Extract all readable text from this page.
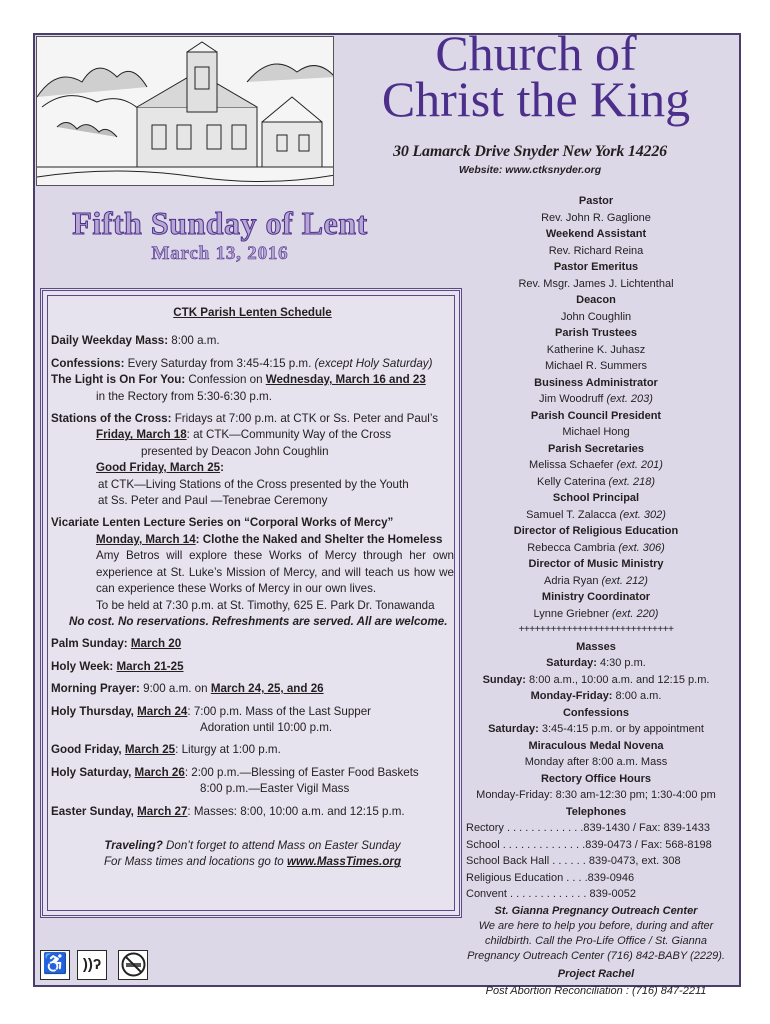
Church of
Christ the King
30 Lamarck Drive Snyder New York 14226
Website: www.ctksnyder.org
Fifth Sunday of Lent
March 13, 2016

CTK Parish Lenten Schedule

Daily Weekday Mass: 8:00 a.m.

Confessions: Every Saturday from 3:45-4:15 p.m. (except Holy Saturday)

The Light is On For You: Confession on Wednesday, March 16 and 23

in the Rectory from 5:30-6:30 p.m.

Stations of the Cross: Fridays at 7:00 p.m. at CTK or Ss. Peter and Paul’s

Friday, March 18: at CTK—Community Way of the Cross

presented by Deacon John Coughlin

Good Friday, March 25:

at CTK—Living Stations of the Cross presented by the Youth

at Ss. Peter and Paul —Tenebrae Ceremony

Vicariate Lenten Lecture Series on “Corporal Works of Mercy”

Monday, March 14: Clothe the Naked and Shelter the Homeless

Amy Betros will explore these Works of Mercy through her own experience at St. Luke’s Mission of Mercy, and will teach us how we can experience these Works of Mercy in our own lives.

To be held at 7:30 p.m. at St. Timothy, 625 E. Park Dr. Tonawanda

No cost. No reservations. Refreshments are served. All are welcome.

Palm Sunday: March 20

Holy Week: March 21-25

Morning Prayer: 9:00 a.m. on March 24, 25, and 26

Holy Thursday, March 24: 7:00 p.m. Mass of the Last Supper

Adoration until 10:00 p.m.

Good Friday, March 25: Liturgy at 1:00 p.m.

Holy Saturday, March 26: 2:00 p.m.—Blessing of Easter Food Baskets

8:00 p.m.—Easter Vigil Mass

Easter Sunday, March 27: Masses: 8:00, 10:00 a.m. and 12:15 p.m.

Traveling? Don’t forget to attend Mass on Easter Sunday

For Mass times and locations go to www.MassTimes.org

Pastor

Rev. John R. Gaglione

Weekend Assistant

Rev. Richard Reina

Pastor Emeritus

Rev. Msgr. James J. Lichtenthal

Deacon

John Coughlin

Parish Trustees

Katherine K. Juhasz

Michael R. Summers

Business Administrator

Jim Woodruff (ext. 203)

Parish Council President

Michael Hong

Parish Secretaries

Melissa Schaefer (ext. 201)

Kelly Caterina (ext. 218)

School Principal

Samuel T. Zalacca (ext. 302)

Director of Religious Education

Rebecca Cambria (ext. 306)

Director of Music Ministry

Adria Ryan (ext. 212)

Ministry Coordinator

Lynne Griebner (ext. 220)

+++++++++++++++++++++++++++++

Masses

Saturday: 4:30 p.m.

Sunday: 8:00 a.m., 10:00 a.m. and 12:15 p.m.

Monday-Friday: 8:00 a.m.

Confessions

Saturday: 3:45-4:15 p.m. or by appointment

Miraculous Medal Novena

Monday after 8:00 a.m. Mass

Rectory Office Hours

Monday-Friday: 8:30 am-12:30 pm; 1:30-4:00 pm

Telephones

Rectory . . . . . . . . . . . . .839-1430 / Fax: 839-1433

School . . . . . . . . . . . . . .839-0473 / Fax: 568-8198

School Back Hall . . . . . . 839-0473, ext. 308

Religious Education . . . .839-0946

Convent . . . . . . . . . . . . . 839-0052

St. Gianna Pregnancy Outreach Center

We are here to help you before, during and after childbirth. Call the Pro-Life Office / St. Gianna Pregnancy Outreach Center (716) 842-BABY (2229).

Project Rachel

Post Abortion Reconciliation : (716) 847-2211

♿	))ʔ
